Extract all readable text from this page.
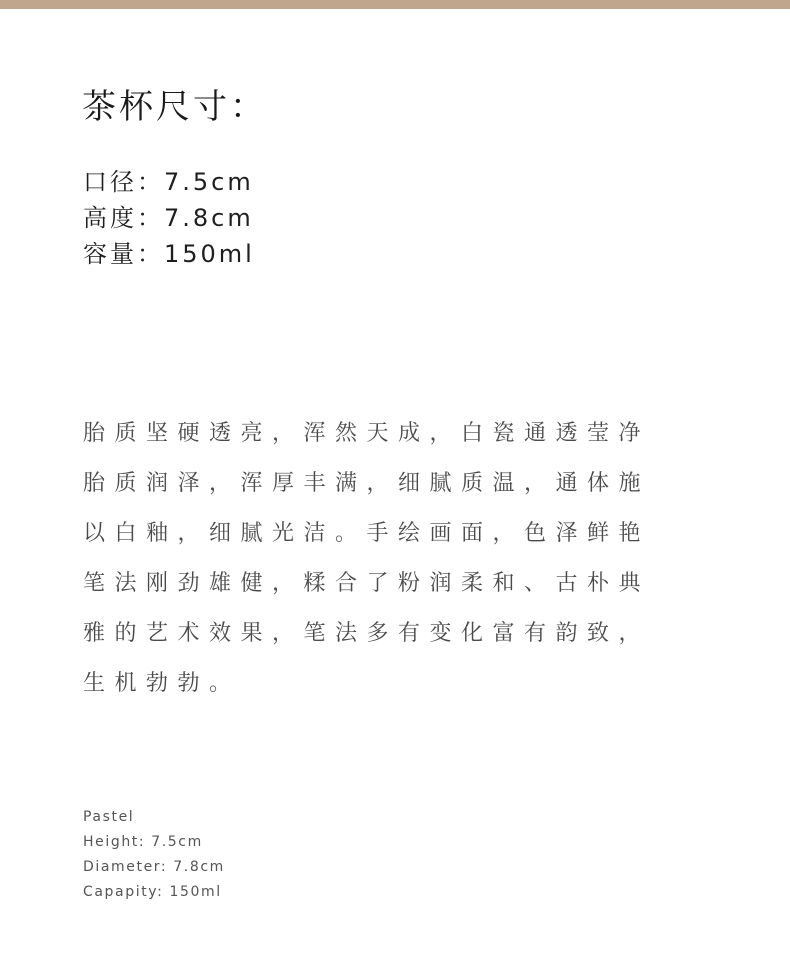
茶杯尺寸：
口径：7.5cm
高度：7.8cm
容量：150ml
胎质坚硬透亮，浑然天成，白瓷通透莹净
胎质润泽，浑厚丰满，细腻质温，通体施
以白釉，细腻光洁。手绘画面，色泽鲜艳
笔法刚劲雄健，糅合了粉润柔和、古朴典
雅的艺术效果，笔法多有变化富有韵致，
生机勃勃。
Pastel
Height: 7.5cm
Diameter: 7.8cm
Capapity: 150ml
